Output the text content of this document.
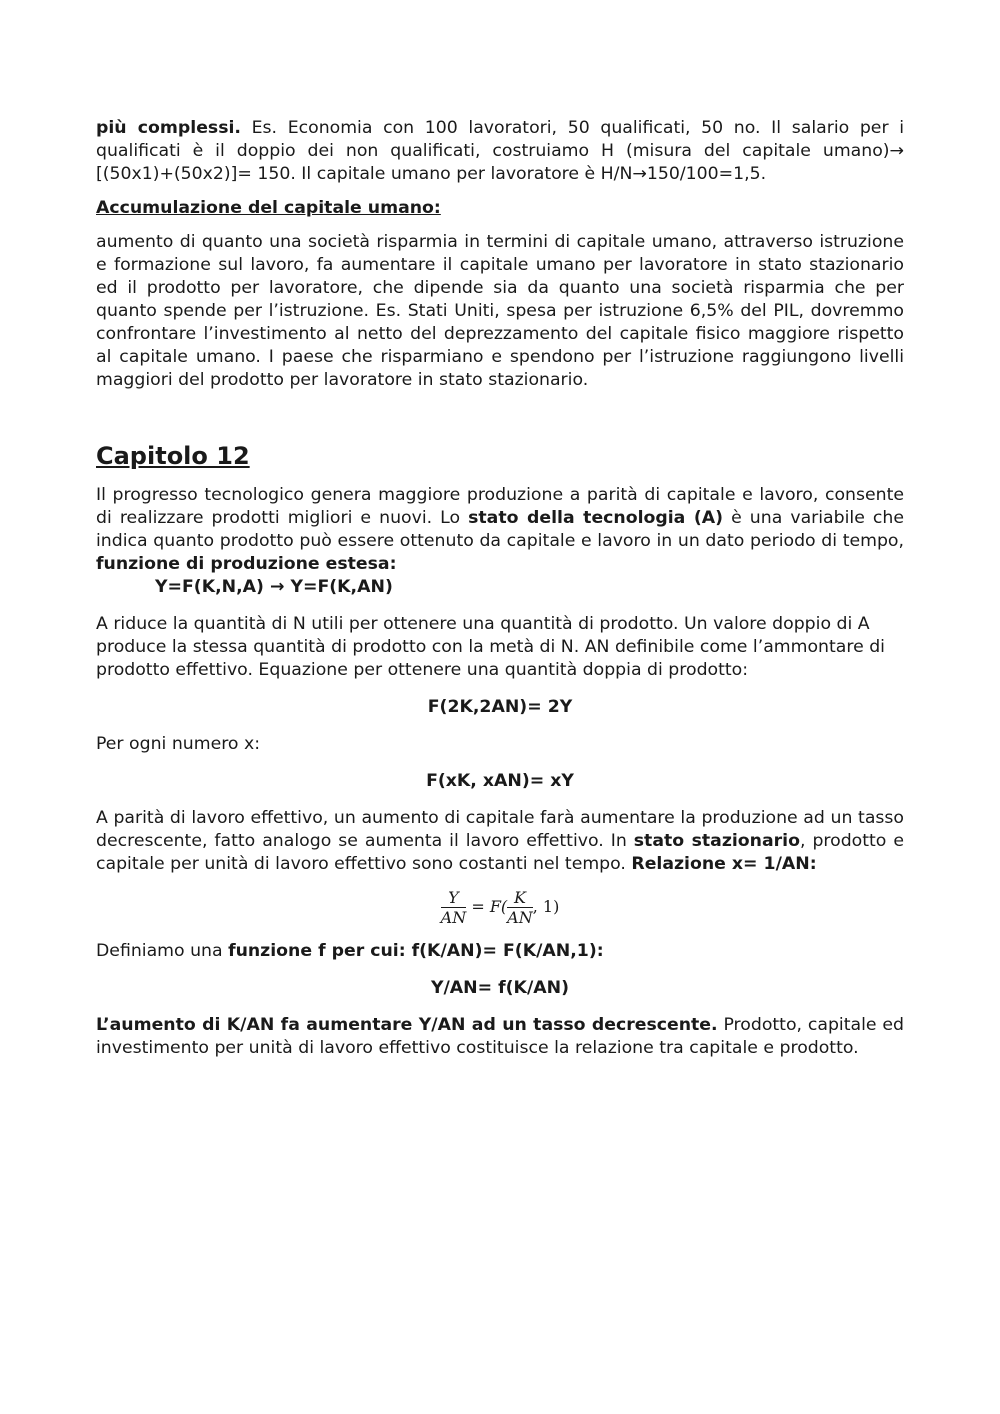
più complessi. Es. Economia con 100 lavoratori, 50 qualificati, 50 no. Il salario per i qualificati è il doppio dei non qualificati, costruiamo H (misura del capitale umano)→ [(50x1)+(50x2)]= 150. Il capitale umano per lavoratore è H/N→150/100=1,5.

Accumulazione del capitale umano:

aumento di quanto una società risparmia in termini di capitale umano, attraverso istruzione e formazione sul lavoro, fa aumentare il capitale umano per lavoratore in stato stazionario ed il prodotto per lavoratore, che dipende sia da quanto una società risparmia che per quanto spende per l’istruzione. Es. Stati Uniti, spesa per istruzione 6,5% del PIL, dovremmo confrontare l’investimento al netto del deprezzamento del capitale fisico maggiore rispetto al capitale umano. I paese che risparmiano e spendono per l’istruzione raggiungono livelli maggiori del prodotto per lavoratore in stato stazionario.

Capitolo 12

Il progresso tecnologico genera maggiore produzione a parità di capitale e lavoro, consente di realizzare prodotti migliori e nuovi. Lo stato della tecnologia (A) è una variabile che indica quanto prodotto può essere ottenuto da capitale e lavoro in un dato periodo di tempo, funzione di produzione estesa:

Y=F(K,N,A) → Y=F(K,AN)

A riduce la quantità di N utili per ottenere una quantità di prodotto. Un valore doppio di A produce la stessa quantità di prodotto con la metà di N. AN definibile come l’ammontare di prodotto effettivo. Equazione per ottenere una quantità doppia di prodotto:

F(2K,2AN)= 2Y

Per ogni numero x:

F(xK, xAN)= xY

A parità di lavoro effettivo, un aumento di capitale farà aumentare la produzione ad un tasso decrescente, fatto analogo se aumenta il lavoro effettivo. In stato stazionario, prodotto e capitale per unità di lavoro effettivo sono costanti nel tempo. Relazione x= 1/AN:

$\frac{Y}{AN} = F( \frac{K}{AN}$ , 1)

Definiamo una funzione f per cui: f(K/AN)= F(K/AN,1):

Y/AN= f(K/AN)

L’aumento di K/AN fa aumentare Y/AN ad un tasso decrescente. Prodotto, capitale ed investimento per unità di lavoro effettivo costituisce la relazione tra capitale e prodotto.
